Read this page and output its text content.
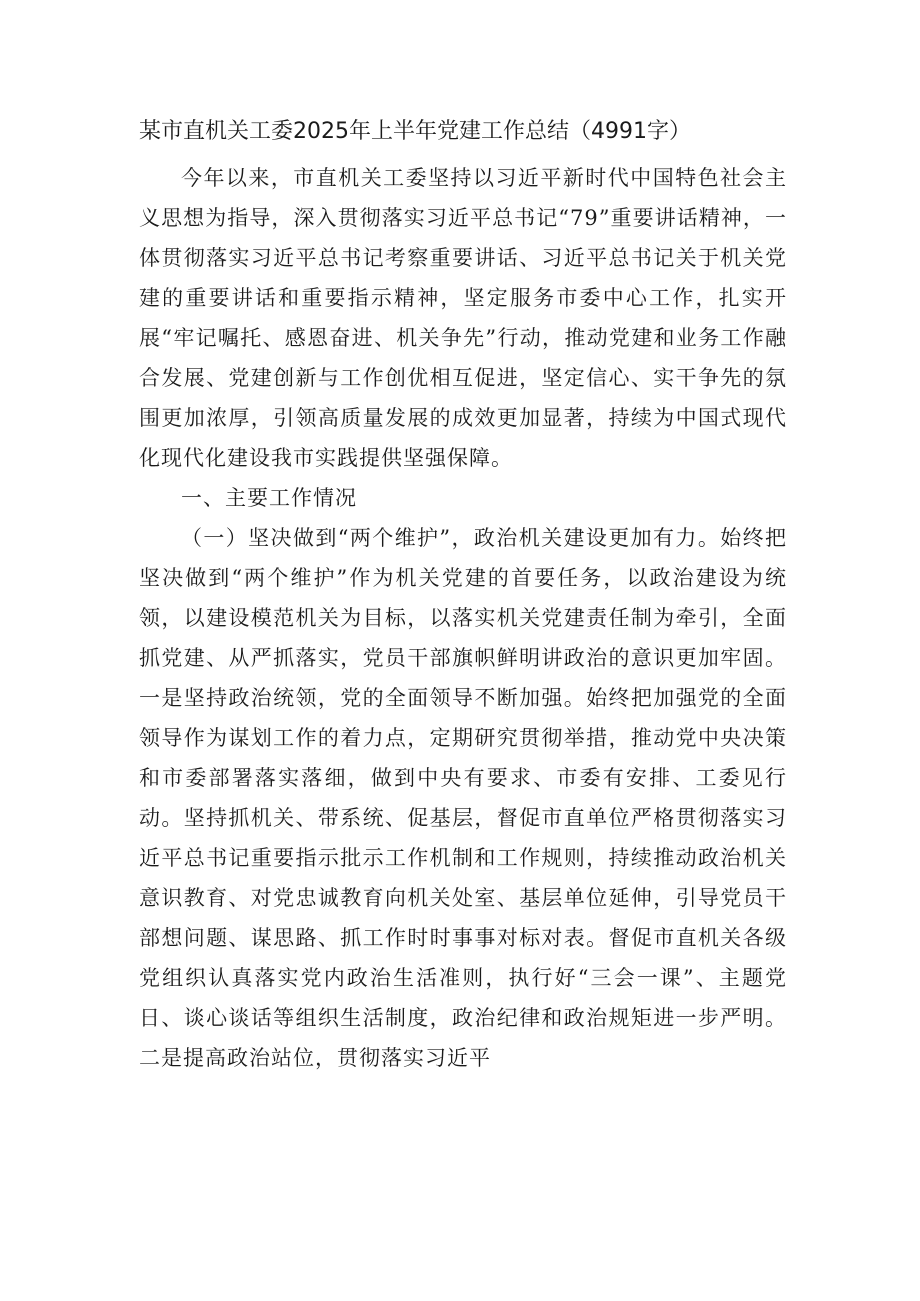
某市直机关工委2025年上半年党建工作总结（4991字）

今年以来，市直机关工委坚持以习近平新时代中国特色社会主义思想为指导，深入贯彻落实习近平总书记“79”重要讲话精神，一体贯彻落实习近平总书记考察重要讲话、习近平总书记关于机关党建的重要讲话和重要指示精神，坚定服务市委中心工作，扎实开展“牢记嘱托、感恩奋进、机关争先”行动，推动党建和业务工作融合发展、党建创新与工作创优相互促进，坚定信心、实干争先的氛围更加浓厚，引领高质量发展的成效更加显著，持续为中国式现代化现代化建设我市实践提供坚强保障。

一、主要工作情况

（一）坚决做到“两个维护”，政治机关建设更加有力。始终把坚决做到“两个维护”作为机关党建的首要任务，以政治建设为统领，以建设模范机关为目标，以落实机关党建责任制为牵引，全面抓党建、从严抓落实，党员干部旗帜鲜明讲政治的意识更加牢固。一是坚持政治统领，党的全面领导不断加强。始终把加强党的全面领导作为谋划工作的着力点，定期研究贯彻举措，推动党中央决策和市委部署落实落细，做到中央有要求、市委有安排、工委见行动。坚持抓机关、带系统、促基层，督促市直单位严格贯彻落实习近平总书记重要指示批示工作机制和工作规则，持续推动政治机关意识教育、对党忠诚教育向机关处室、基层单位延伸，引导党员干部想问题、谋思路、抓工作时时事事对标对表。督促市直机关各级党组织认真落实党内政治生活准则，执行好“三会一课”、主题党日、谈心谈话等组织生活制度，政治纪律和政治规矩进一步严明。二是提高政治站位，贯彻落实习近平
